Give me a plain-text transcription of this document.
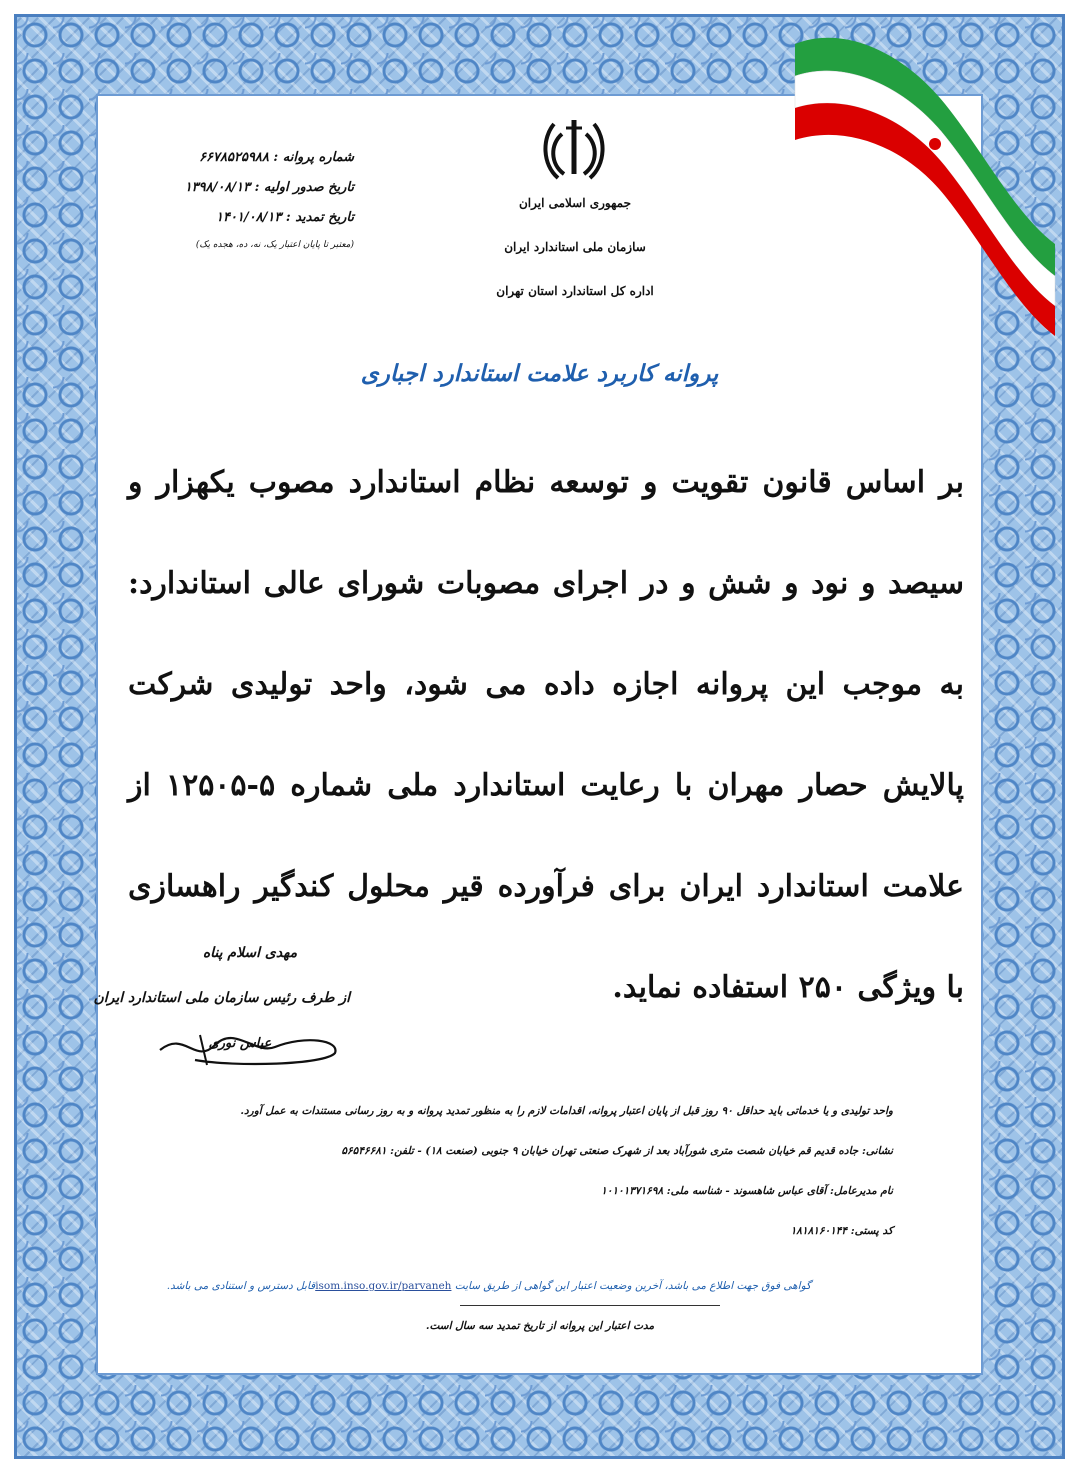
جمهوری اسلامی ایران
سازمان ملی استاندارد ایران
اداره کل استاندارد استان تهران
شماره پروانه : ۶۶۷۸۵۲۵۹۸۸
تاریخ صدور اولیه : ۱۳۹۸/۰۸/۱۳
تاریخ تمدید : ۱۴۰۱/۰۸/۱۳
(معتبر تا پایان اعتبار یک، نه، ده، هجده یک)
پروانه کاربرد علامت استاندارد اجباری
بر اساس قانون تقویت و توسعه نظام استاندارد مصوب یکهزار و سیصد و نود و شش و در اجرای مصوبات شورای عالی استاندارد: به موجب این پروانه اجازه داده می شود، واحد تولیدی شرکت پالایش حصار مهران با رعایت استاندارد ملی شماره ۵-۱۲۵۰۵ از علامت استاندارد ایران برای فرآورده قیر محلول کندگیر راهسازی با ویژگی ۲۵۰ استفاده نماید.
مهدی اسلام پناه
از طرف رئیس سازمان ملی استاندارد ایران
عباس نوری
واحد تولیدی و یا خدماتی باید حداقل ۹۰ روز قبل از پایان اعتبار پروانه، اقدامات لازم را به منظور تمدید پروانه و به روز رسانی مستندات به عمل آورد.
نشانی: جاده قدیم قم خیابان شصت متری شورآباد بعد از شهرک صنعتی تهران خیابان ۹ جنوبی (صنعت ۱۸) - تلفن: ۵۶۵۴۶۶۸۱
نام مدیرعامل: آقای عباس شاهسوند - شناسه ملی: ۱۰۱۰۱۳۷۱۶۹۸
کد پستی: ۱۸۱۸۱۶۰۱۴۴
گواهی فوق جهت اطلاع می باشد، آخرین وضعیت اعتبار این گواهی از طریق سایت isom.inso.gov.ir/parvanehقابل دسترس و استنادی می باشد.
مدت اعتبار این پروانه از تاریخ تمدید سه سال است.
